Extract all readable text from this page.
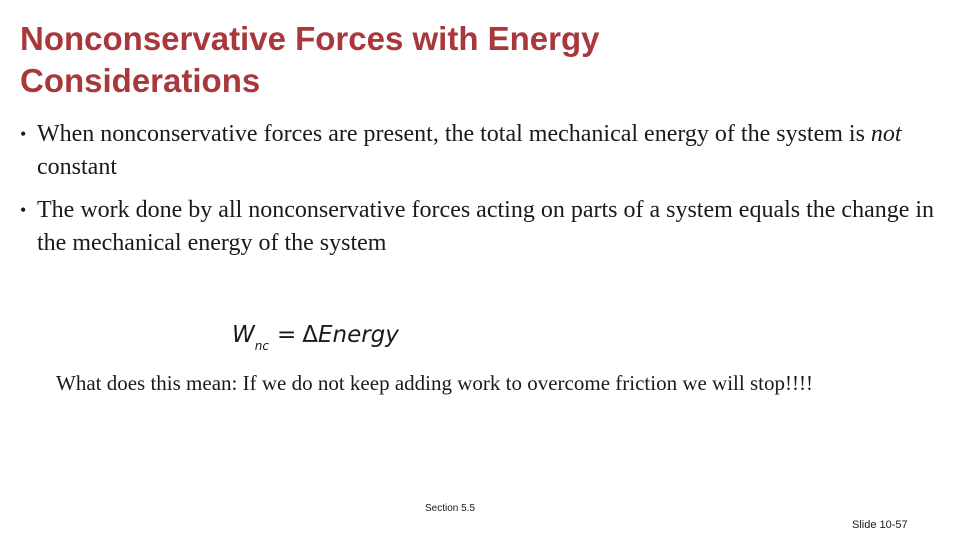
Nonconservative Forces with Energy
Considerations
• When nonconservative forces are present, the total mechanical energy of the system is not constant
• The work done by all nonconservative forces acting on parts of a system equals the change in the mechanical energy of the system
$W_{nc}$ = ΔEnergy
What does this mean: If we do not keep adding work to overcome friction we will stop!!!!
Section 5.5
Slide 10-57
